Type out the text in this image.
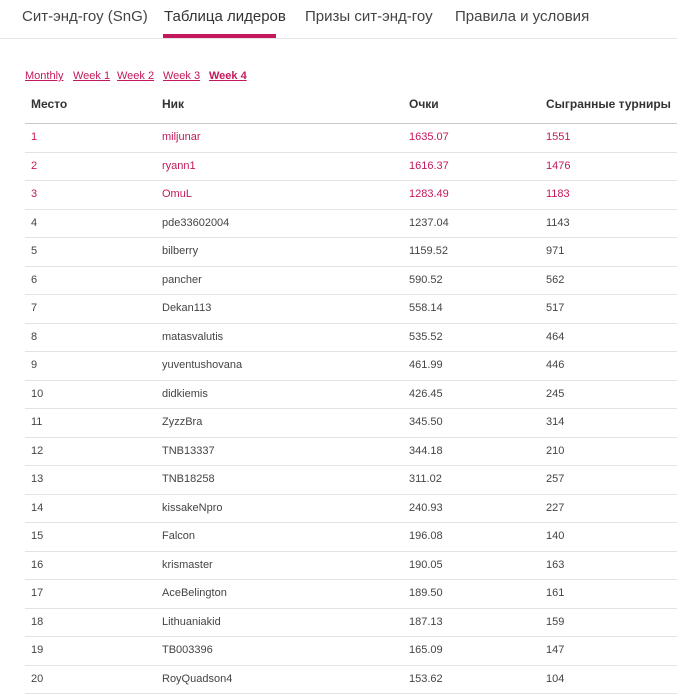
Сит-энд-гоу (SnG) Таблица лидеров Призы сит-энд-гоу Правила и условия
Monthly Week 1 Week 2 Week 3 Week 4
Место	Ник	Очки	Сыгранные турниры
1	miljunar	1635.07	1551
2	ryann1	1616.37	1476
3	OmuL	1283.49	1183
4	pde33602004	1237.04	1143
5	bilberry	1159.52	971
6	pancher	590.52	562
7	Dekan113	558.14	517
8	matasvalutis	535.52	464
9	yuventushovana	461.99	446
10	didkiemis	426.45	245
11	ZyzzBra	345.50	314
12	TNB13337	344.18	210
13	TNB18258	311.02	257
14	kissakeNpro	240.93	227
15	Falcon	196.08	140
16	krismaster	190.05	163
17	AceBelington	189.50	161
18	Lithuaniakid	187.13	159
19	TB003396	165.09	147
20	RoyQuadson4	153.62	104
